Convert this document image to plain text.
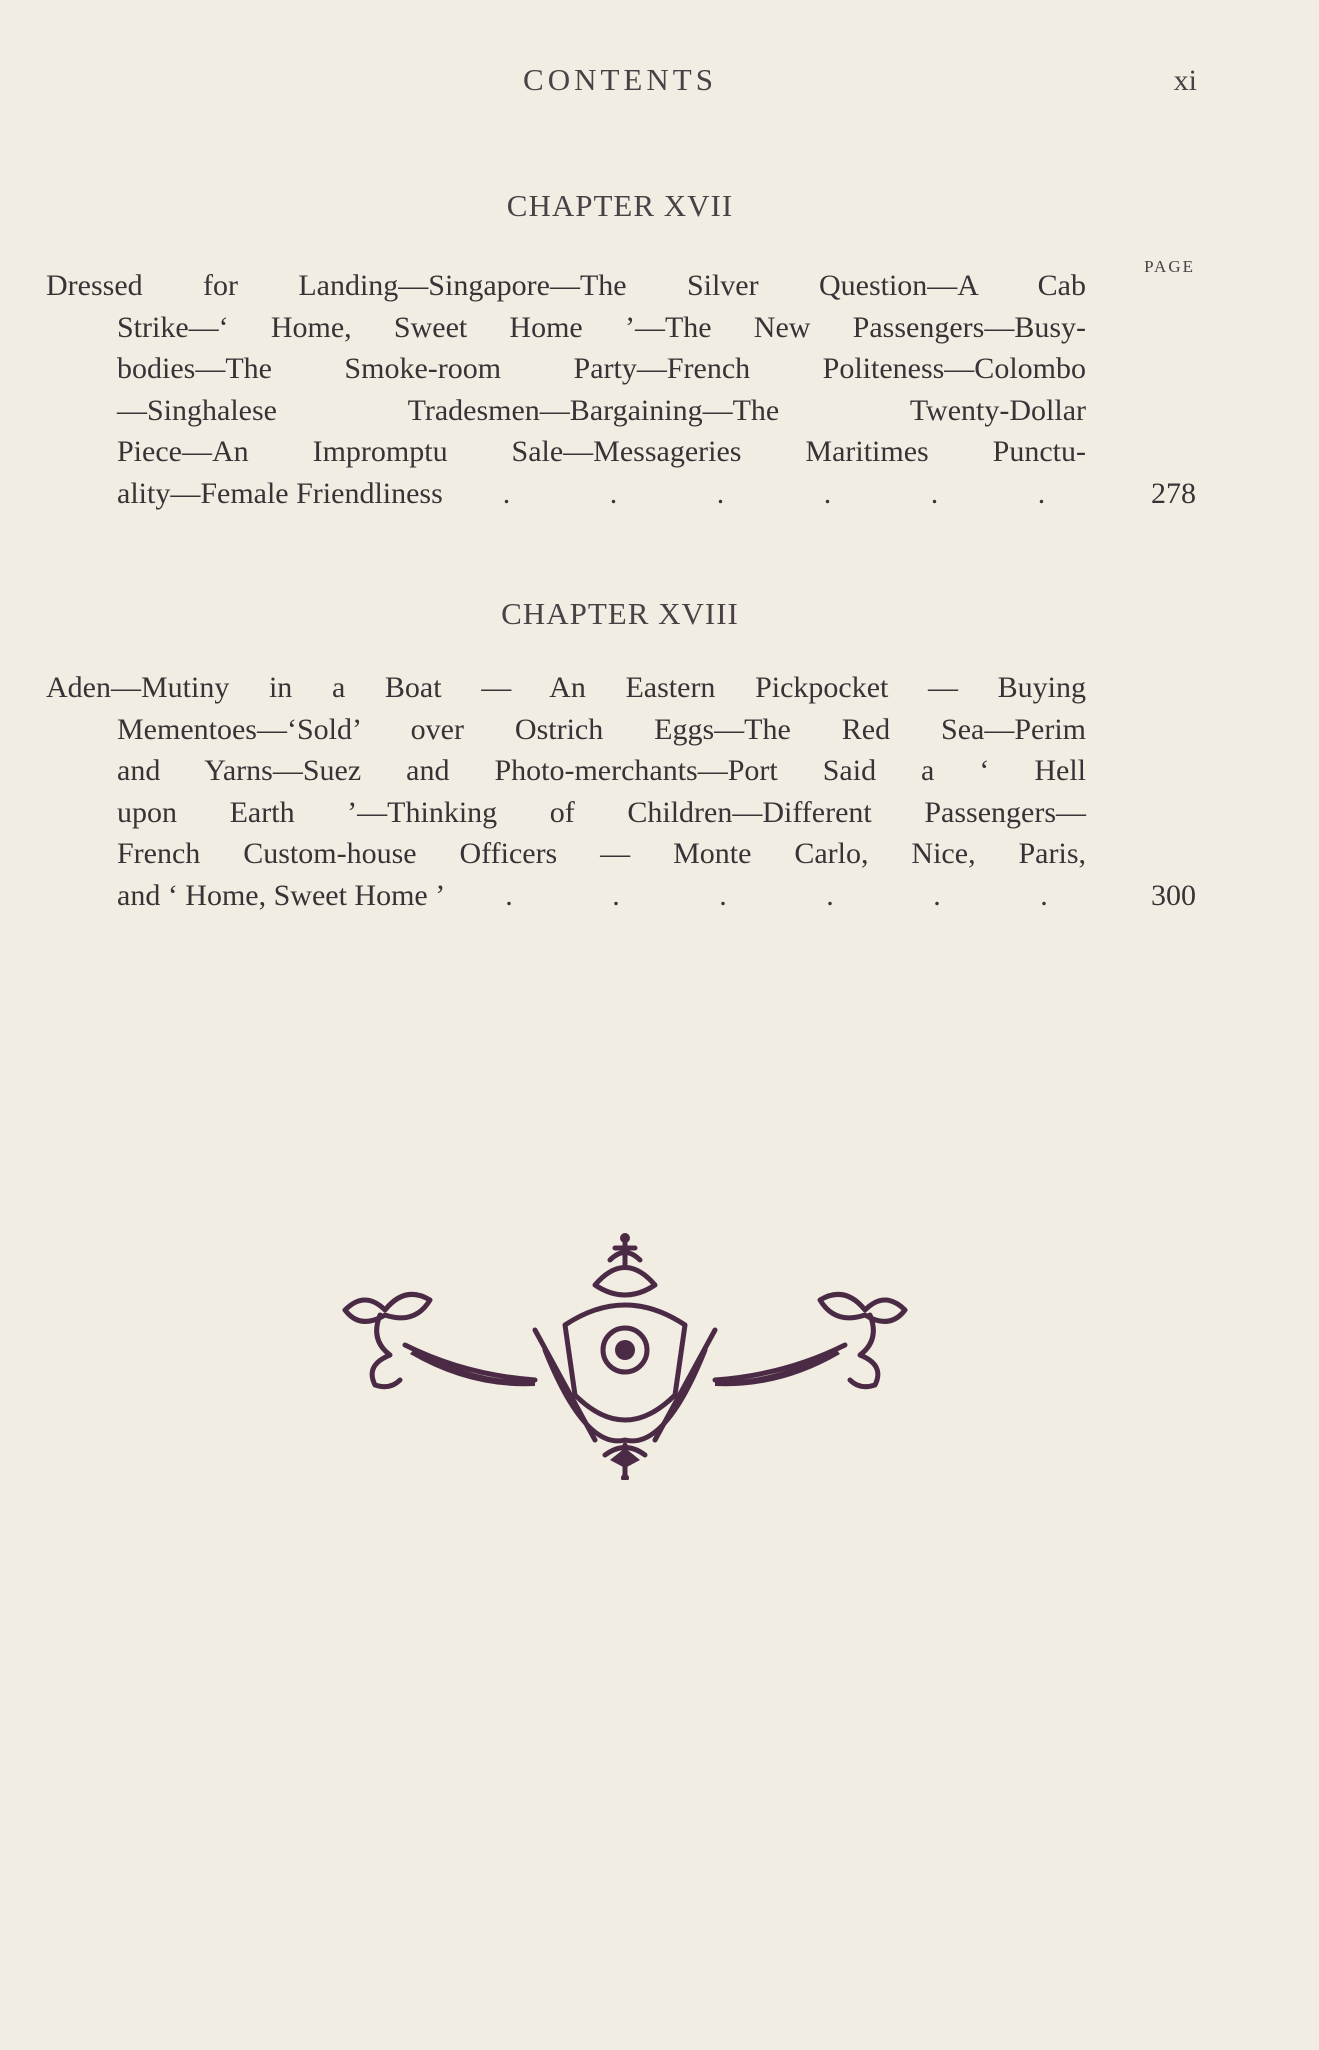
CONTENTS	xi
CHAPTER XVII
PAGE
Dressed for Landing—Singapore—The Silver Question—A Cab
Strike—‘ Home, Sweet Home ’—The New Passengers—Busy-
bodies—The Smoke-room Party—French Politeness—Colombo
—Singhalese Tradesmen—Bargaining—The Twenty-Dollar
Piece—An Impromptu Sale—Messageries Maritimes Punctu-
ality—Female Friendliness . . . . . . 278
CHAPTER XVIII
Aden—Mutiny in a Boat — An Eastern Pickpocket — Buying
Mementoes—‘Sold’ over Ostrich Eggs—The Red Sea—Perim
and Yarns—Suez and Photo-merchants—Port Said a ‘ Hell
upon Earth ’—Thinking of Children—Different Passengers—
French Custom-house Officers — Monte Carlo, Nice, Paris,
and ‘ Home, Sweet Home ’ . . . . . . 300
